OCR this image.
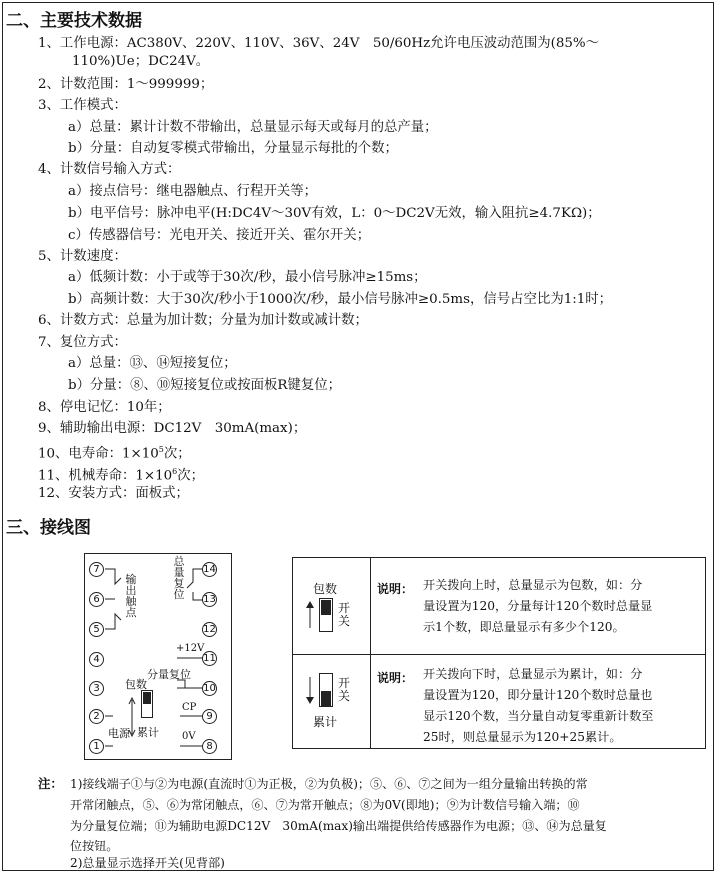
二、主要技术数据
1、工作电源：AC380V、220V、110V、36V、24V　50/60Hz允许电压波动范围为(85%～
110%)Ue；DC24V。
2、计数范围：1～999999；
3、工作模式：
a）总量：累计计数不带输出，总量显示每天或每月的总产量；
b）分量：自动复零模式带输出，分量显示每批的个数；
4、计数信号输入方式：
a）接点信号：继电器触点、行程开关等；
b）电平信号：脉冲电平(H:DC4V～30V有效，L：0～DC2V无效，输入阻抗≥4.7KΩ)；
c）传感器信号：光电开关、接近开关、霍尔开关；
5、计数速度：
a）低频计数：小于或等于30次/秒，最小信号脉冲≥15ms；
b）高频计数：大于30次/秒小于1000次/秒，最小信号脉冲≥0.5ms，信号占空比为1:1时；
6、计数方式：总量为加计数；分量为加计数或减计数；
7、复位方式：
a）总量：⑬、⑭短接复位；
b）分量：⑧、⑩短接复位或按面板R键复位；
8、停电记忆：10年；
9、辅助输出电源：DC12V　30mA(max)；
10、电寿命：$1\times 10^5$次；
11、机械寿命：$1\times 10^6$次；
12、安装方式：面板式；
三、接线图
7
6
5
4
3
2
1
14
13
12
11
10
9
8
输出触点
总量复位
+12V
分量复位
包数
累计
CP
0V
电源
包数
开关
说明： 开关拨向上时，总量显示为包数，如：分
量设置为120，分量每计120个数时总量显
示1个数，即总量显示有多少个120。
开关
累计
说明： 开关拨向下时，总量显示为累计，如：分
量设置为120，即分量计120个数时总量也
显示120个数，当分量自动复零重新计数至
25时，则总量显示为120+25累计。
注： 1)接线端子①与②为电源(直流时①为正极，②为负极)；⑤、⑥、⑦之间为一组分量输出转换的常
开常闭触点，⑤、⑥为常闭触点，⑥、⑦为常开触点；⑧为0V(即地)；⑨为计数信号输入端；⑩
为分量复位端；⑪为辅助电源DC12V　30mA(max)输出端提供给传感器作为电源；⑬、⑭为总量复
位按钮。
2)总量显示选择开关(见背部)
